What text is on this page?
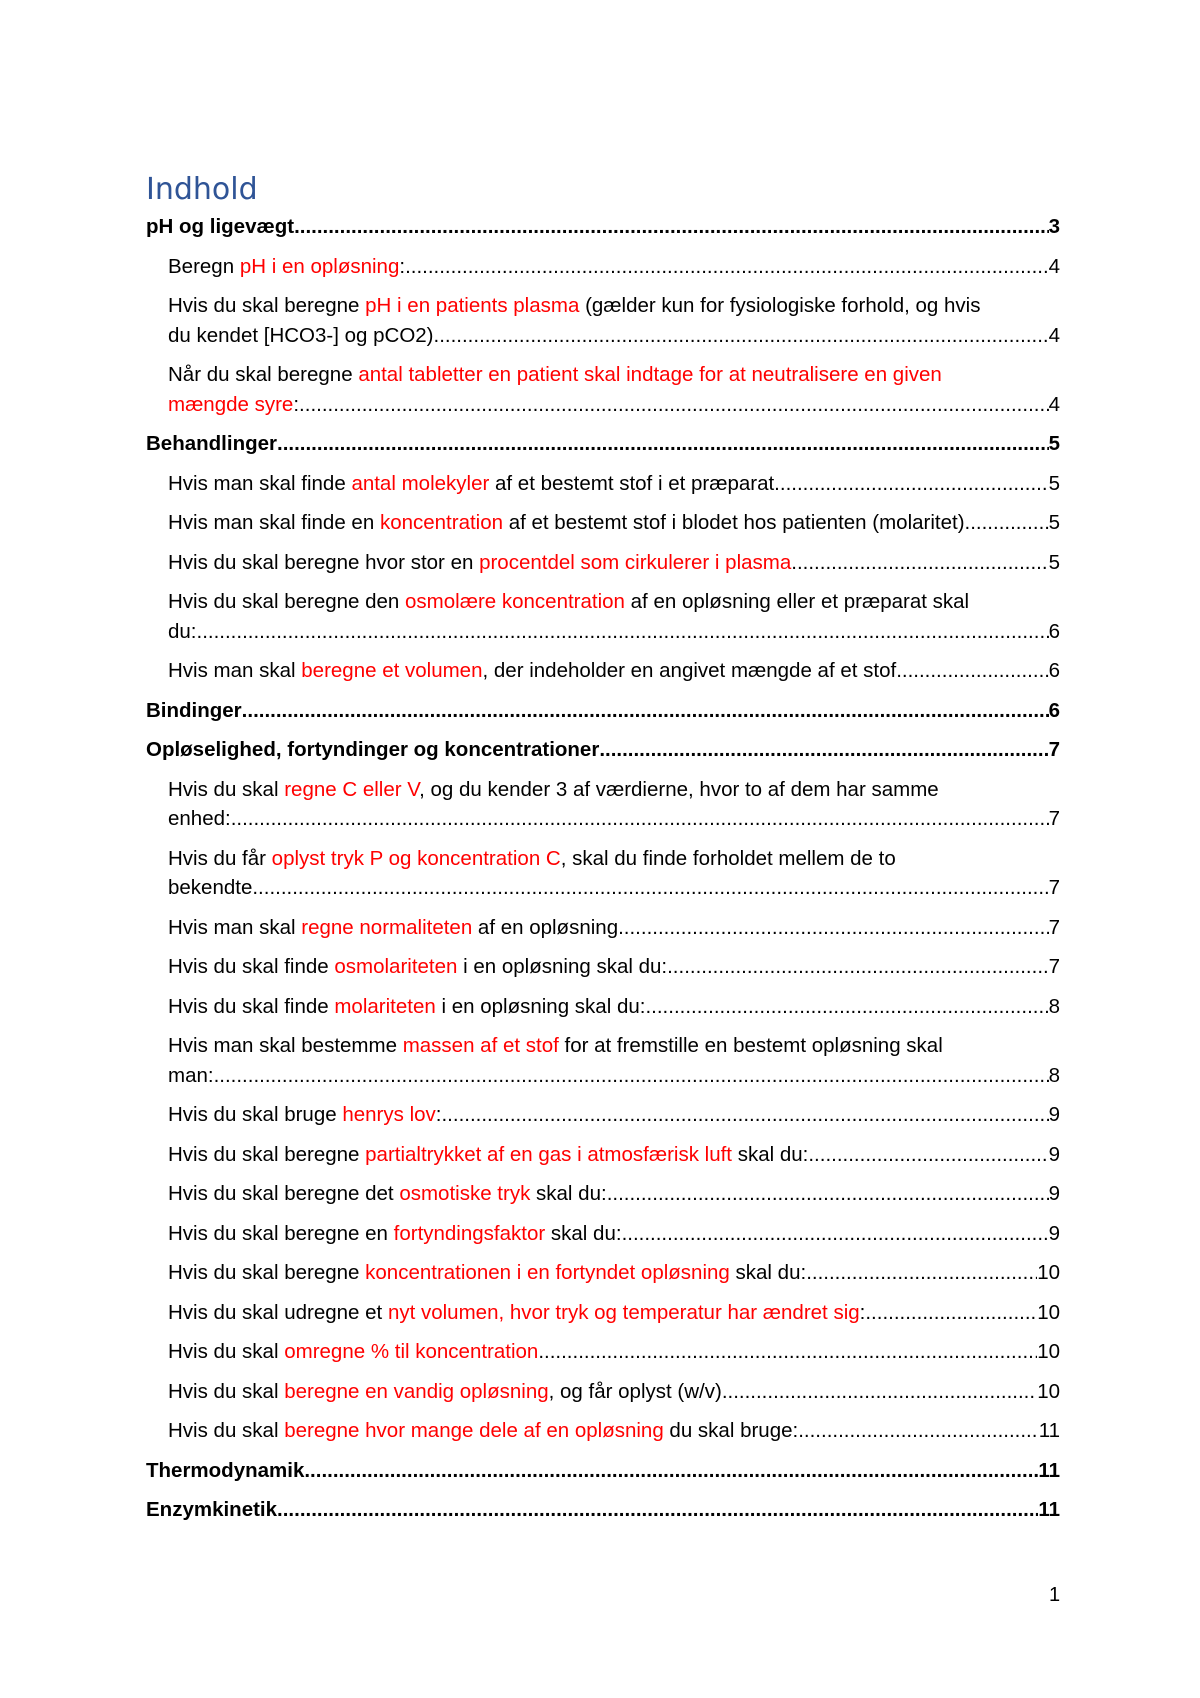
Indhold
pH og ligevægt .....	3
Beregn pH i en opløsning: .....	4
Hvis du skal beregne pH i en patients plasma (gælder kun for fysiologiske forhold, og hvis
du kendet [HCO3-] og pCO2) .....	4
Når du skal beregne antal tabletter en patient skal indtage for at neutralisere en given
mængde syre: .....	4
Behandlinger .....	5
Hvis man skal finde antal molekyler af et bestemt stof i et præparat .....	5
Hvis man skal finde en koncentration af et bestemt stof i blodet hos patienten (molaritet). .....	5
Hvis du skal beregne hvor stor en procentdel som cirkulerer i plasma .....	5
Hvis du skal beregne den osmolære koncentration af en opløsning eller et præparat skal
du: .....	6
Hvis man skal beregne et volumen, der indeholder en angivet mængde af et stof .....	6
Bindinger .....	6
Opløselighed, fortyndinger og koncentrationer .....	7
Hvis du skal regne C eller V, og du kender 3 af værdierne, hvor to af dem har samme
enhed: .....	7
Hvis du får oplyst tryk P og koncentration C, skal du finde forholdet mellem de to
bekendte .....	7
Hvis man skal regne normaliteten af en opløsning .....	7
Hvis du skal finde osmolariteten i en opløsning skal du: .....	7
Hvis du skal finde molariteten i en opløsning skal du: .....	8
Hvis man skal bestemme massen af et stof for at fremstille en bestemt opløsning skal
man: .....	8
Hvis du skal bruge henrys lov: .....	9
Hvis du skal beregne partialtrykket af en gas i atmosfærisk luft skal du: .....	9
Hvis du skal beregne det osmotiske tryk skal du: .....	9
Hvis du skal beregne en fortyndingsfaktor skal du: .....	9
Hvis du skal beregne koncentrationen i en fortyndet opløsning skal du: .....	10
Hvis du skal udregne et nyt volumen, hvor tryk og temperatur har ændret sig: .....	10
Hvis du skal omregne % til koncentration .....	10
Hvis du skal beregne en vandig opløsning, og får oplyst (w/v) .....	10
Hvis du skal beregne hvor mange dele af en opløsning du skal bruge: .....	11
Thermodynamik .....	11
Enzymkinetik .....	11
1
